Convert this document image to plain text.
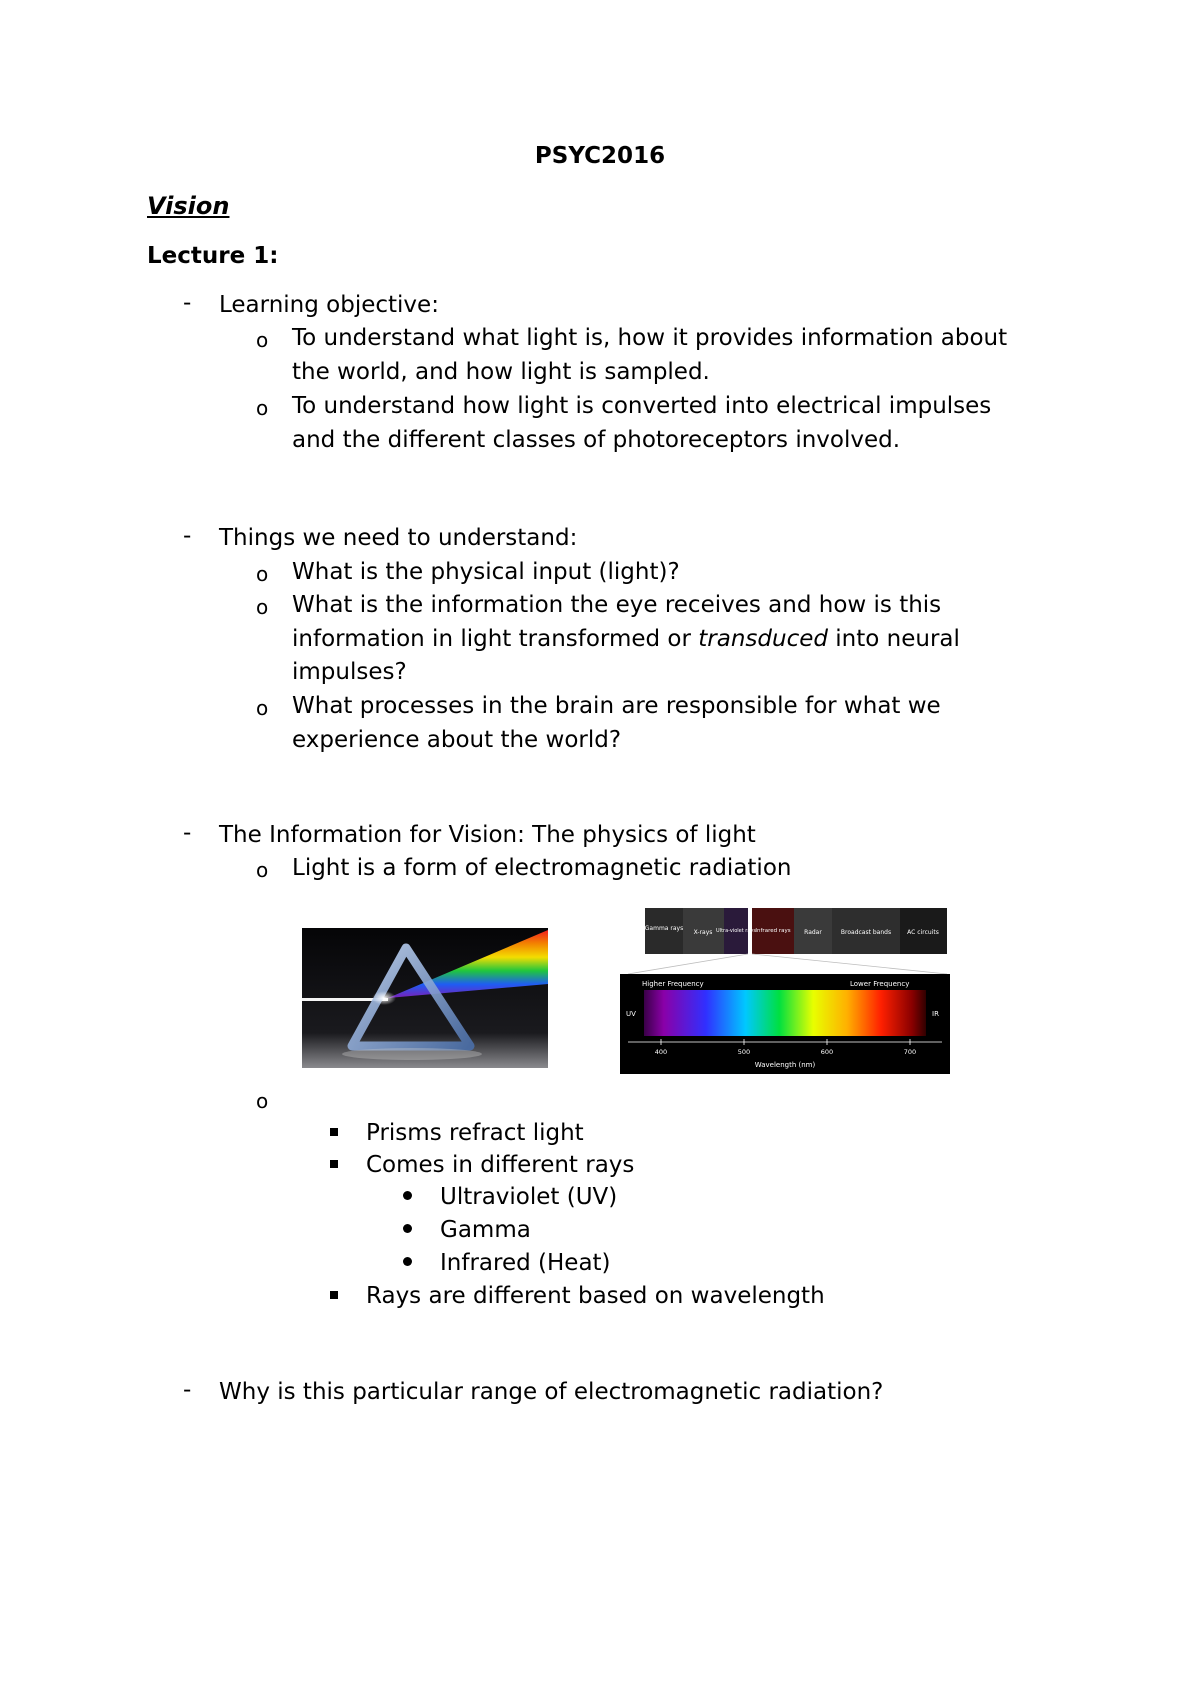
PSYC2016
Vision
Lecture 1:
- Learning objective:
o To understand what light is, how it provides information about
the world, and how light is sampled.
o To understand how light is converted into electrical impulses
and the different classes of photoreceptors involved.
- Things we need to understand:
o What is the physical input (light)?
o What is the information the eye receives and how is this
information in light transformed or transduced into neural
impulses?
o What processes in the brain are responsible for what we
experience about the world?
- The Information for Vision: The physics of light
o Light is a form of electromagnetic radiation
Gamma rays
X-rays Ultra-violet rays Infrared rays Radar	Broadcast bands	AC circuits
Higher Frequency	Lower Frequency
UV	IR
400	500	600	700
Wavelength (nm)
o
Prisms refract light
Comes in different rays
Ultraviolet (UV)
Gamma
Infrared (Heat)
Rays are different based on wavelength
- Why is this particular range of electromagnetic radiation?
